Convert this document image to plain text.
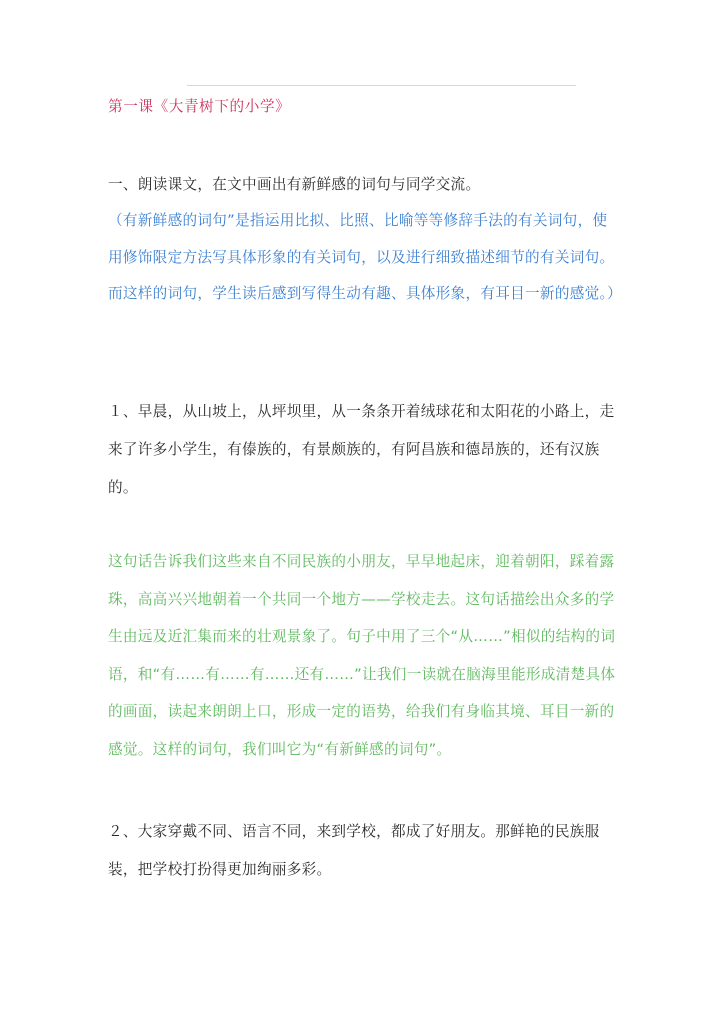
第一课《大青树下的小学》

一、朗读课文，在文中画出有新鲜感的词句与同学交流。

（有新鲜感的词句”是指运用比拟、比照、比喻等等修辞手法的有关词句，使用修饰限定方法写具体形象的有关词句，以及进行细致描述细节的有关词句。而这样的词句，学生读后感到写得生动有趣、具体形象，有耳目一新的感觉。）

１、早晨，从山坡上，从坪坝里，从一条条开着绒球花和太阳花的小路上，走来了许多小学生，有傣族的，有景颇族的，有阿昌族和德昂族的，还有汉族的。

这句话告诉我们这些来自不同民族的小朋友，早早地起床，迎着朝阳，踩着露珠，高高兴兴地朝着一个共同一个地方——学校走去。这句话描绘出众多的学生由远及近汇集而来的壮观景象了。句子中用了三个“从……”相似的结构的词语，和“有……有……有……还有……”让我们一读就在脑海里能形成清楚具体的画面，读起来朗朗上口，形成一定的语势，给我们有身临其境、耳目一新的感觉。这样的词句，我们叫它为“有新鲜感的词句”。

２、大家穿戴不同、语言不同，来到学校，都成了好朋友。那鲜艳的民族服装，把学校打扮得更加绚丽多彩。
